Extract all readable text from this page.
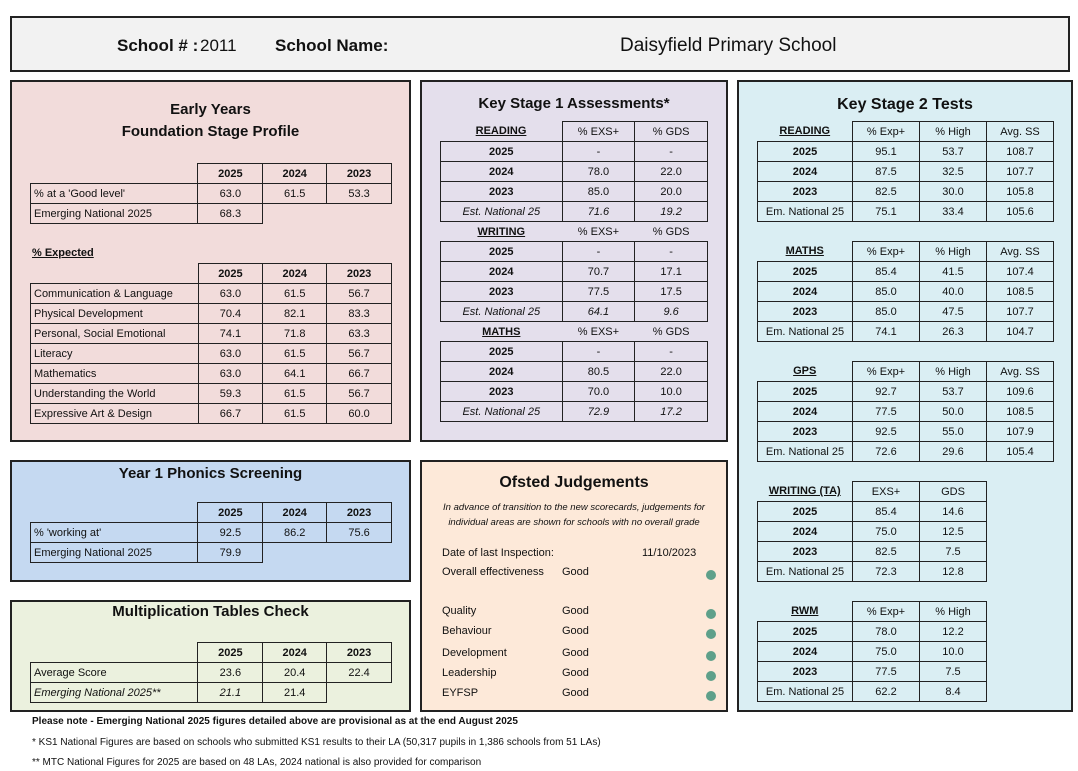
School # : 2011 School Name:	Daisyfield Primary School
Early Years
Foundation Stage Profile
	2025	2024	2023
% at a 'Good level'	63.0	61.5	53.3
Emerging National 2025	68.3		
% Expected
	2025	2024	2023
Communication & Language	63.0	61.5	56.7
Physical Development	70.4	82.1	83.3
Personal, Social Emotional	74.1	71.8	63.3
Literacy	63.0	61.5	56.7
Mathematics	63.0	64.1	66.7
Understanding the World	59.3	61.5	56.7
Expressive Art & Design	66.7	61.5	60.0
Year 1 Phonics Screening
	2025	2024	2023
% 'working at'	92.5	86.2	75.6
Emerging National 2025	79.9		
Multiplication Tables Check
	2025	2024	2023
Average Score	23.6	20.4	22.4
Emerging National 2025**	21.1	21.4	
Key Stage 1 Assessments*
READING	% EXS+	% GDS
2025	-	-
2024	78.0	22.0
2023	85.0	20.0
Est. National 25	71.6	19.2
WRITING	% EXS+	% GDS
2025	-	-
2024	70.7	17.1
2023	77.5	17.5
Est. National 25	64.1	9.6
MATHS	% EXS+	% GDS
2025	-	-
2024	80.5	22.0
2023	70.0	10.0
Est. National 25	72.9	17.2
Ofsted Judgements
In advance of transition to the new scorecards, judgements for individual areas are shown for schools with no overall grade
Date of last Inspection:	11/10/2023
Overall effectiveness Good
Quality	Good
Behaviour	Good
Development	Good
Leadership	Good
EYFSP	Good
Key Stage 2 Tests
READING	% Exp+	% High	Avg. SS
2025	95.1	53.7	108.7
2024	87.5	32.5	107.7
2023	82.5	30.0	105.8
Em. National 25	75.1	33.4	105.6
MATHS	% Exp+	% High	Avg. SS
2025	85.4	41.5	107.4
2024	85.0	40.0	108.5
2023	85.0	47.5	107.7
Em. National 25	74.1	26.3	104.7
GPS	% Exp+	% High	Avg. SS
2025	92.7	53.7	109.6
2024	77.5	50.0	108.5
2023	92.5	55.0	107.9
Em. National 25	72.6	29.6	105.4
WRITING (TA)	EXS+	GDS
2025	85.4	14.6
2024	75.0	12.5
2023	82.5	7.5
Em. National 25	72.3	12.8
RWM	% Exp+	% High
2025	78.0	12.2
2024	75.0	10.0
2023	77.5	7.5
Em. National 25	62.2	8.4
Please note - Emerging National 2025 figures detailed above are provisional as at the end August 2025
* KS1 National Figures are based on schools who submitted KS1 results to their LA (50,317 pupils in 1,386 schools from 51 LAs)
** MTC National Figures for 2025 are based on 48 LAs, 2024 national is also provided for comparison
